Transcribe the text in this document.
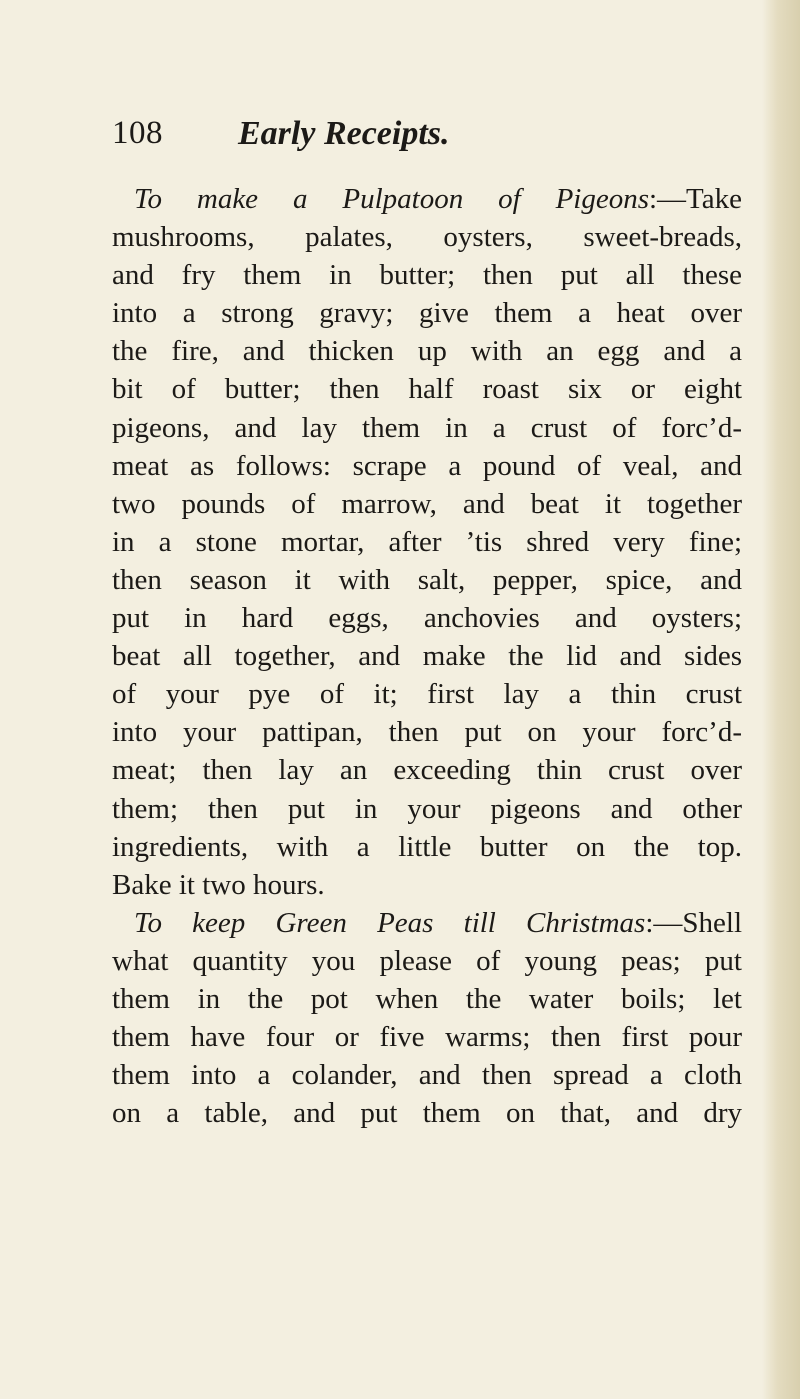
108 Early Receipts.
To make a Pulpatoon of Pigeons:—Take
mushrooms, palates, oysters, sweet-breads,
and fry them in butter; then put all these
into a strong gravy; give them a heat over
the fire, and thicken up with an egg and a
bit of butter; then half roast six or eight
pigeons, and lay them in a crust of forc’d-
meat as follows: scrape a pound of veal, and
two pounds of marrow, and beat it together
in a stone mortar, after ’tis shred very fine;
then season it with salt, pepper, spice, and
put in hard eggs, anchovies and oysters;
beat all together, and make the lid and sides
of your pye of it; first lay a thin crust
into your pattipan, then put on your forc’d-
meat; then lay an exceeding thin crust over
them; then put in your pigeons and other
ingredients, with a little butter on the top.
Bake it two hours.
To keep Green Peas till Christmas:—Shell
what quantity you please of young peas; put
them in the pot when the water boils; let
them have four or five warms; then first pour
them into a colander, and then spread a cloth
on a table, and put them on that, and dry
